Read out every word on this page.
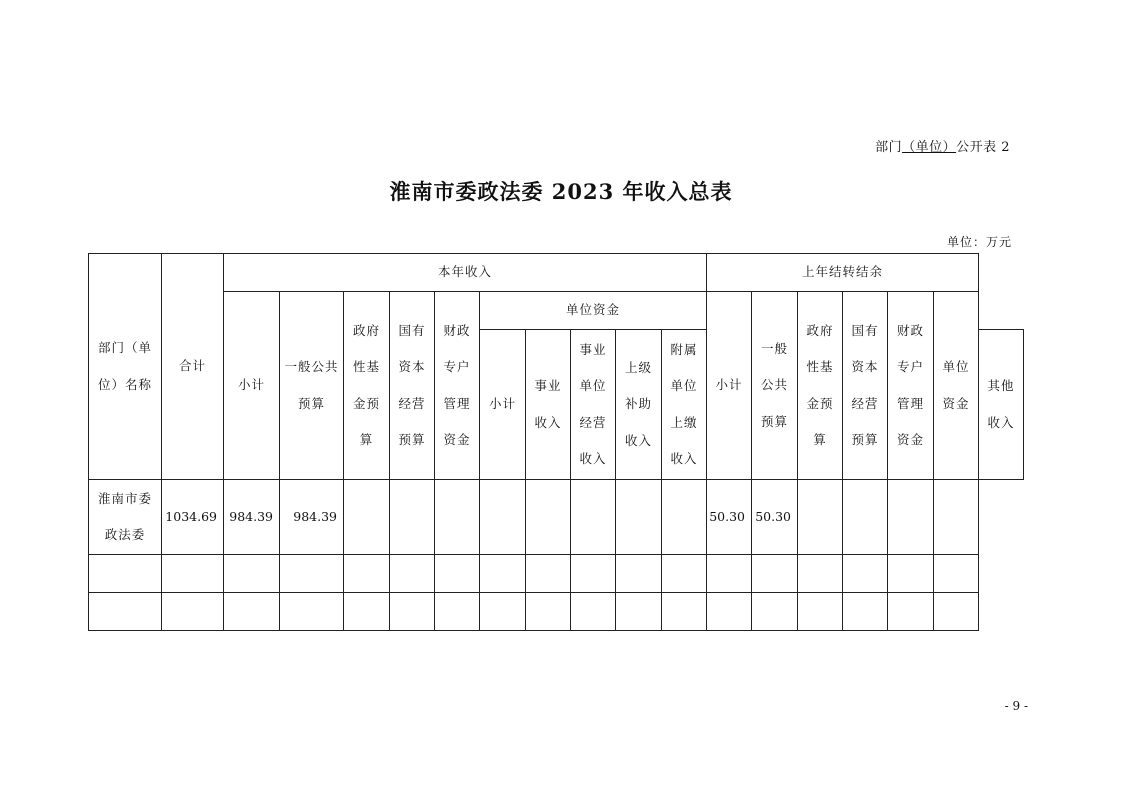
部门（单位）公开表 2
淮南市委政法委 2023 年收入总表
单位：万元
部门（单位）名称	合计	本年收入										上年结转结余						
		小计	一般公共预算	政府性基金预算	国有资本经营预算	财政专户管理资金	单位资金					小计	一般公共预算	政府性基金预算	国有资本经营预算	财政专户管理资金	单位资金	
							小计	事业收入	事业单位经营收入	上级补助收入	附属单位上缴收入							其他收入
淮南市委政法委	1034.69	984.39	984.39									50.30	50.30					

- 9 -
